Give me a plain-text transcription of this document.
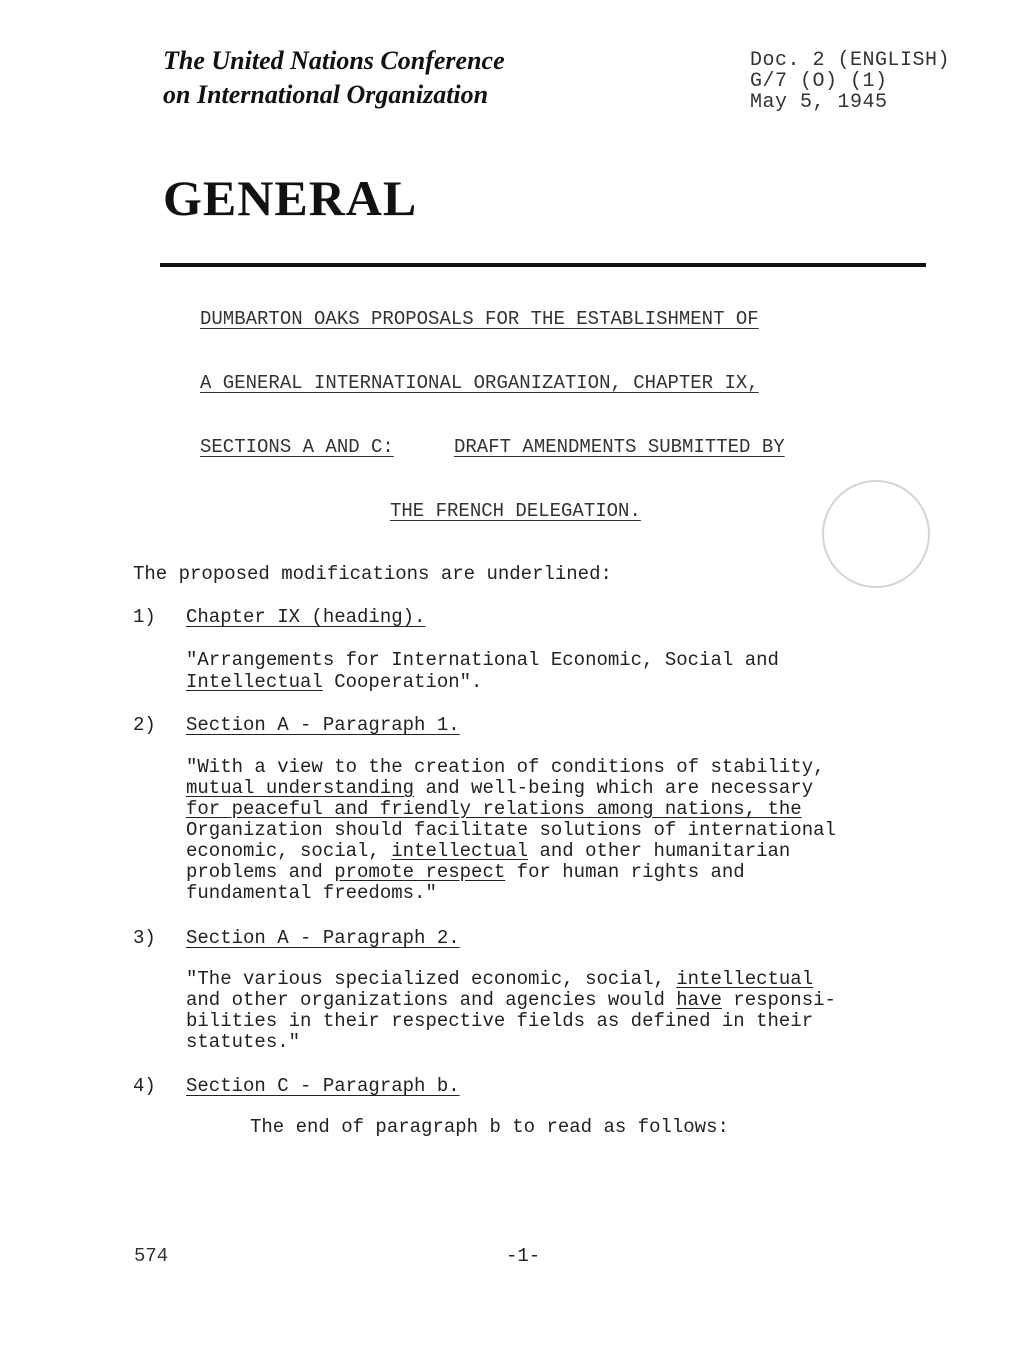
The United Nations Conference
on International Organization
Doc. 2 (ENGLISH)
G/7 (O) (1)
May 5, 1945
GENERAL
DUMBARTON OAKS PROPOSALS FOR THE ESTABLISHMENT OF
A GENERAL INTERNATIONAL ORGANIZATION, CHAPTER IX,
SECTIONS A AND C:	DRAFT AMENDMENTS SUBMITTED BY
THE FRENCH DELEGATION.
The proposed modifications are underlined:
1) Chapter IX (heading).
"Arrangements for International Economic, Social and
Intellectual Cooperation".
2) Section A - Paragraph 1.
"With a view to the creation of conditions of stability,
mutual understanding and well-being which are necessary
for peaceful and friendly relations among nations, the
Organization should facilitate solutions of international
economic, social, intellectual and other humanitarian
problems and promote respect for human rights and
fundamental freedoms."
3) Section A - Paragraph 2.
"The various specialized economic, social, intellectual
and other organizations and agencies would have responsi-
bilities in their respective fields as defined in their
statutes."
4) Section C - Paragraph b.
The end of paragraph b to read as follows:
574	-1-
